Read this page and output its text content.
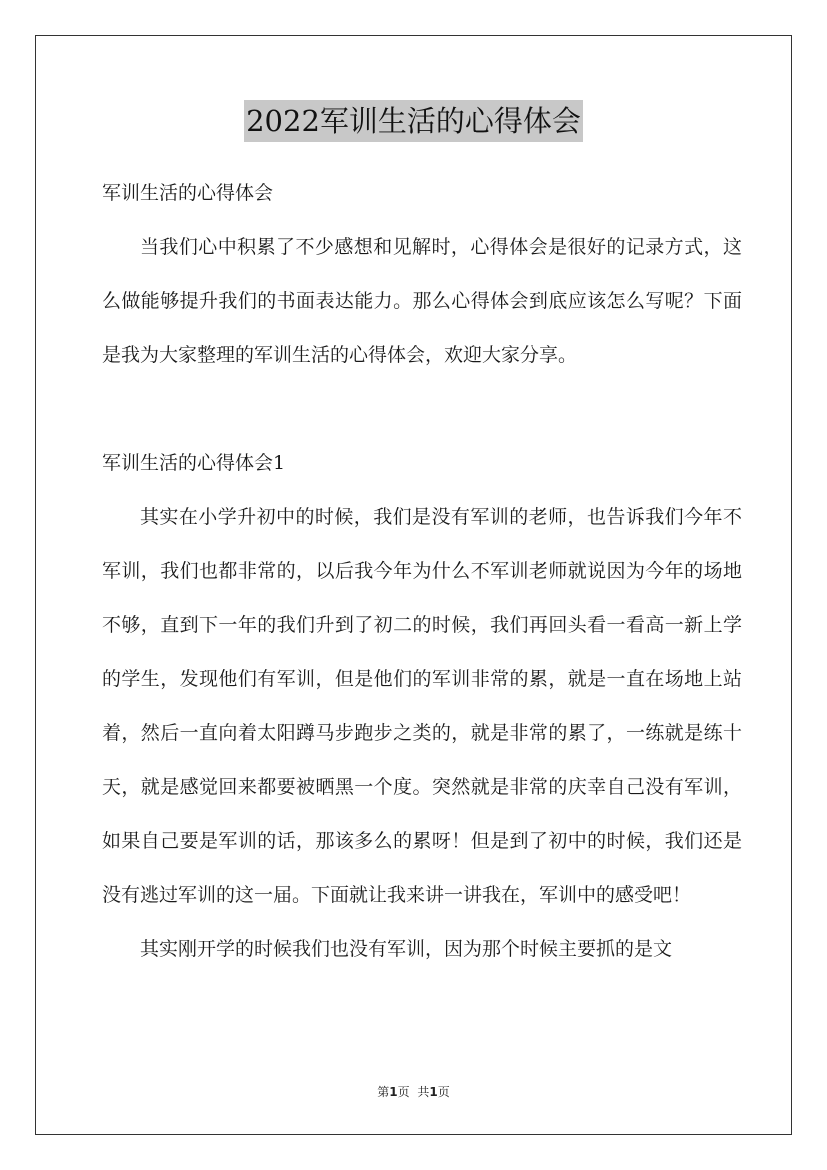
2022军训生活的心得体会

军训生活的心得体会

当我们心中积累了不少感想和见解时，心得体会是很好的记录方式，这么做能够提升我们的书面表达能力。那么心得体会到底应该怎么写呢？下面是我为大家整理的军训生活的心得体会，欢迎大家分享。

军训生活的心得体会1

其实在小学升初中的时候，我们是没有军训的老师，也告诉我们今年不军训，我们也都非常的，以后我今年为什么不军训老师就说因为今年的场地不够，直到下一年的我们升到了初二的时候，我们再回头看一看高一新上学的学生，发现他们有军训，但是他们的军训非常的累，就是一直在场地上站着，然后一直向着太阳蹲马步跑步之类的，就是非常的累了，一练就是练十天，就是感觉回来都要被晒黑一个度。突然就是非常的庆幸自己没有军训，如果自己要是军训的话，那该多么的累呀！但是到了初中的时候，我们还是没有逃过军训的这一届。下面就让我来讲一讲我在，军训中的感受吧！

其实刚开学的时候我们也没有军训，因为那个时候主要抓的是文

第1页 共1页
